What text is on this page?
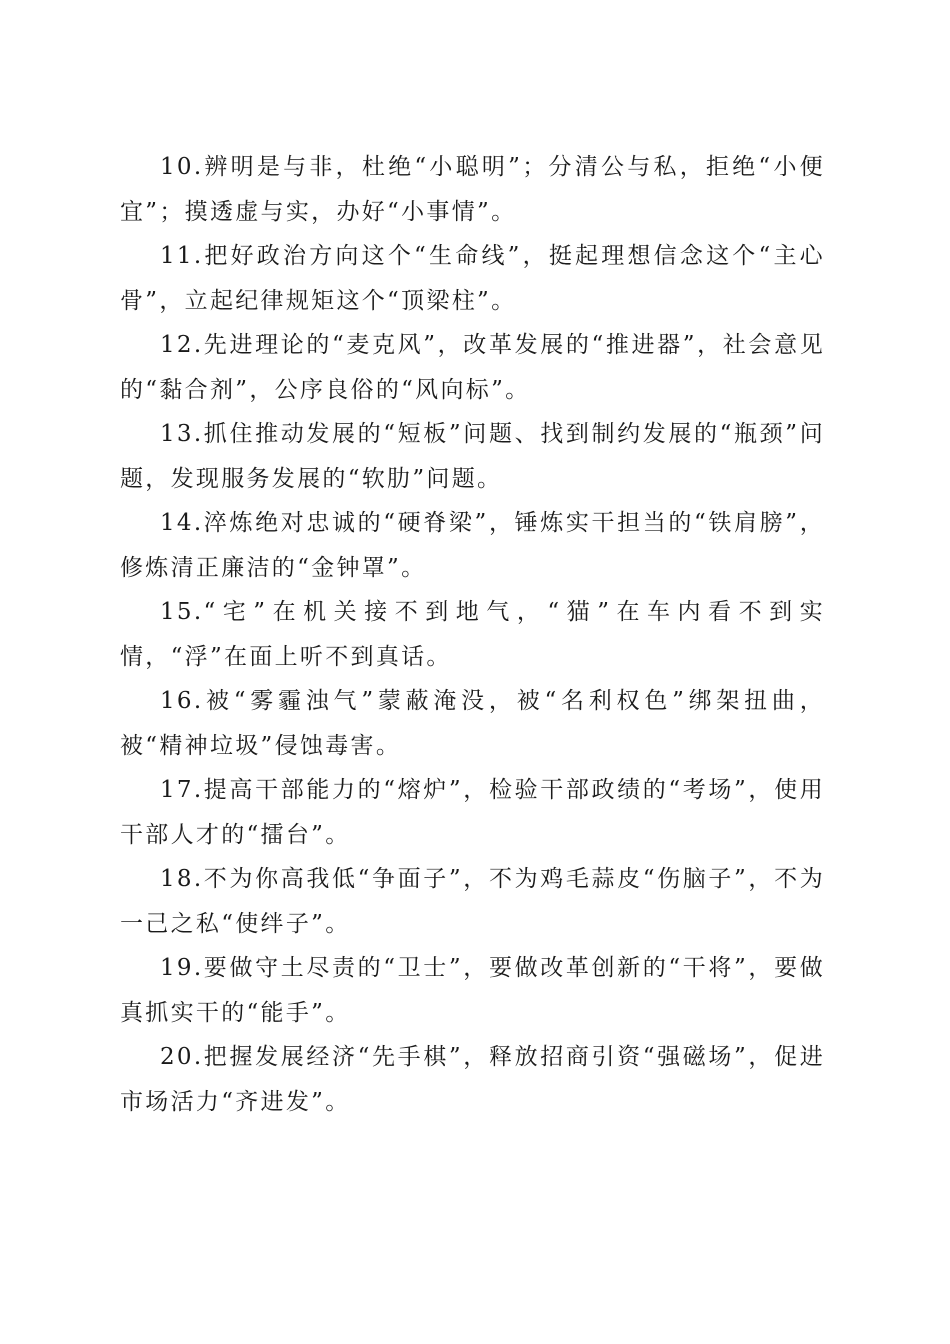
10.辨明是与非，杜绝“小聪明”；分清公与私，拒绝“小便宜”；摸透虚与实，办好“小事情”。

11.把好政治方向这个“生命线”，挺起理想信念这个“主心骨”，立起纪律规矩这个“顶梁柱”。

12.先进理论的“麦克风”，改革发展的“推进器”，社会意见的“黏合剂”，公序良俗的“风向标”。

13.抓住推动发展的“短板”问题、找到制约发展的“瓶颈”问题，发现服务发展的“软肋”问题。

14.淬炼绝对忠诚的“硬脊梁”，锤炼实干担当的“铁肩膀”，修炼清正廉洁的“金钟罩”。

15.“宅”在机关接不到地气，“猫”在车内看不到实情，“浮”在面上听不到真话。

16.被“雾霾浊气”蒙蔽淹没，被“名利权色”绑架扭曲，被“精神垃圾”侵蚀毒害。

17.提高干部能力的“熔炉”，检验干部政绩的“考场”，使用干部人才的“擂台”。

18.不为你高我低“争面子”，不为鸡毛蒜皮“伤脑子”，不为一己之私“使绊子”。

19.要做守土尽责的“卫士”，要做改革创新的“干将”，要做真抓实干的“能手”。

20.把握发展经济“先手棋”，释放招商引资“强磁场”，促进市场活力“齐进发”。
